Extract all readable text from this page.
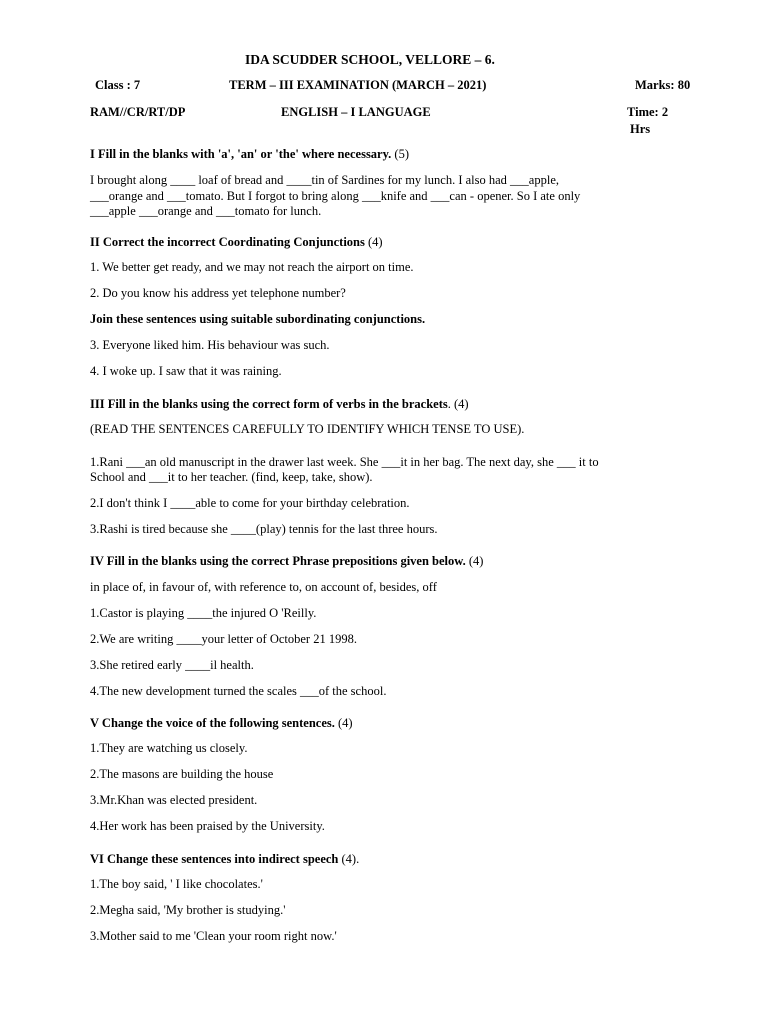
IDA SCUDDER SCHOOL, VELLORE – 6.
Class : 7	TERM – III EXAMINATION (MARCH – 2021)	Marks: 80
RAM//CR/RT/DP	ENGLISH – I LANGUAGE	Time: 2
Hrs
I Fill in the blanks with 'a', 'an' or 'the' where necessary. (5)
I brought along ____ loaf of bread and ____tin of Sardines for my lunch. I also had ___apple,
___orange and ___tomato. But I forgot to bring along ___knife and ___can - opener. So I ate only
___apple ___orange and ___tomato for lunch.
II Correct the incorrect Coordinating Conjunctions (4)
1. We better get ready, and we may not reach the airport on time.
2. Do you know his address yet telephone number?
Join these sentences using suitable subordinating conjunctions.
3. Everyone liked him. His behaviour was such.
4. I woke up. I saw that it was raining.
III Fill in the blanks using the correct form of verbs in the brackets. (4)
(READ THE SENTENCES CAREFULLY TO IDENTIFY WHICH TENSE TO USE).
1.Rani ___an old manuscript in the drawer last week. She ___it in her bag. The next day, she ___ it to
School and ___it to her teacher. (find, keep, take, show).
2.I don't think I ____able to come for your birthday celebration.
3.Rashi is tired because she ____(play) tennis for the last three hours.
IV Fill in the blanks using the correct Phrase prepositions given below. (4)
in place of, in favour of, with reference to, on account of, besides, off
1.Castor is playing ____the injured O 'Reilly.
2.We are writing ____your letter of October 21 1998.
3.She retired early ____il health.
4.The new development turned the scales ___of the school.
V Change the voice of the following sentences. (4)
1.They are watching us closely.
2.The masons are building the house
3.Mr.Khan was elected president.
4.Her work has been praised by the University.
VI Change these sentences into indirect speech (4).
1.The boy said, ' I like chocolates.'
2.Megha said, 'My brother is studying.'
3.Mother said to me 'Clean your room right now.'
